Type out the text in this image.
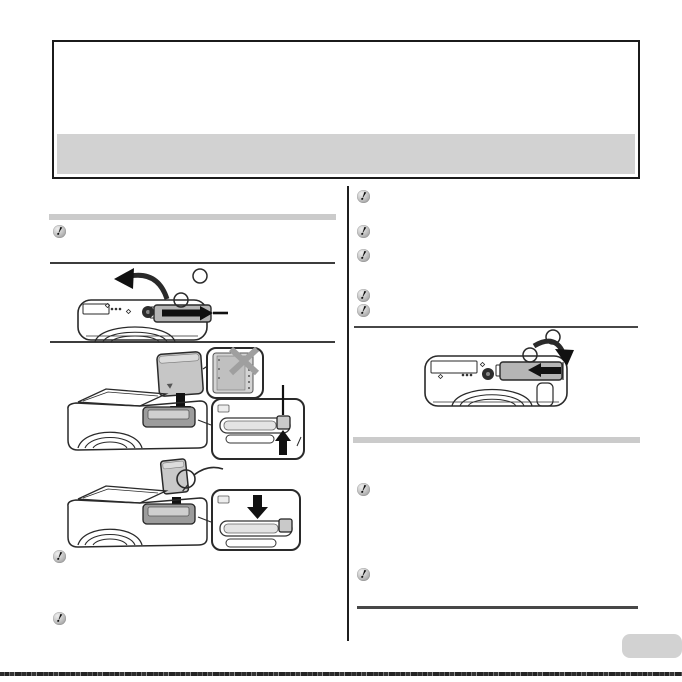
!
!
!
!
!
!
!
!
!
!
